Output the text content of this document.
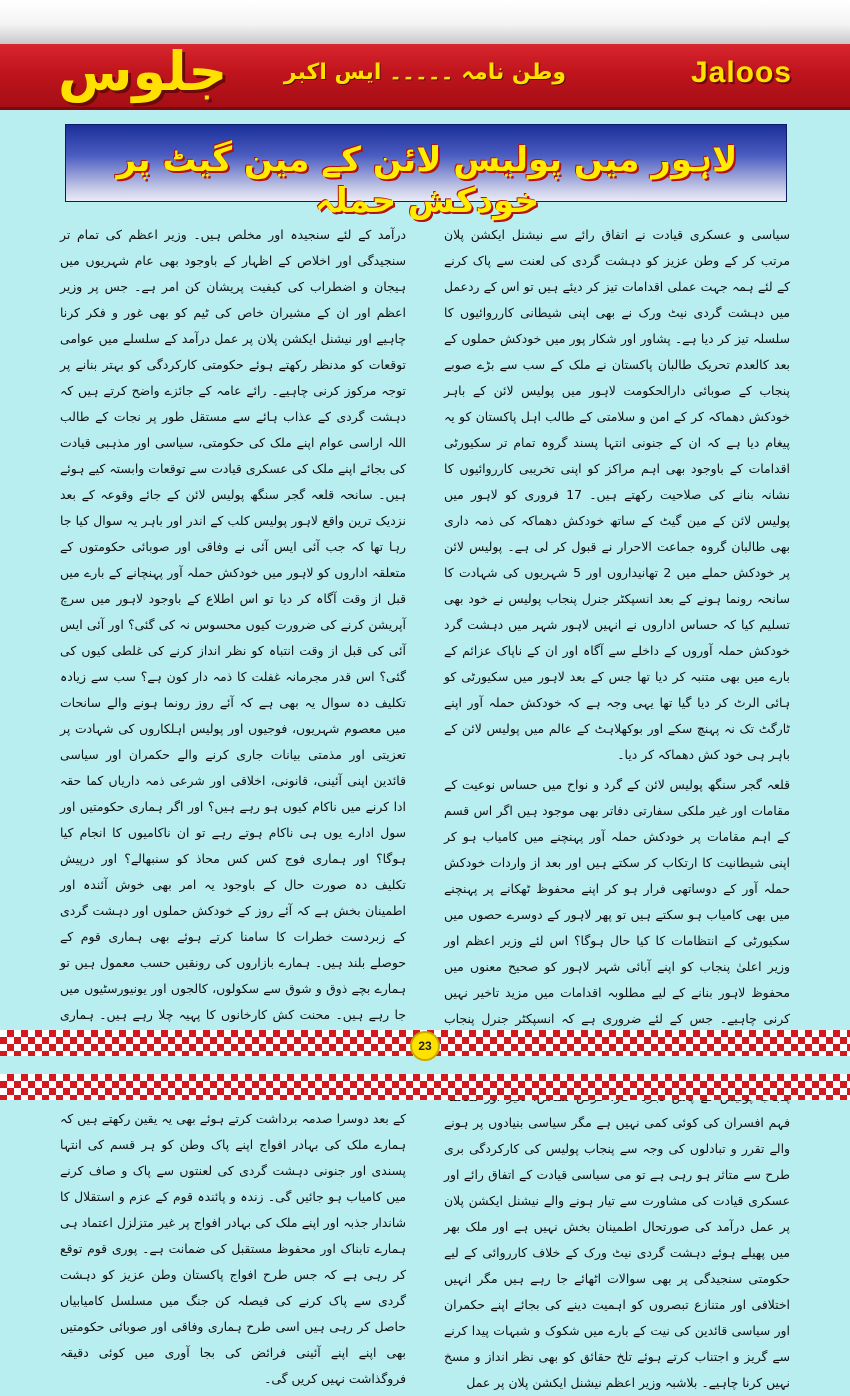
جلوس	وطن نامہ ۔۔۔۔۔ ایس اکبر	Jaloos
لاہور میں پولیس لائن کے مین گیٹ پر خودکش حملہ

سیاسی و عسکری قیادت نے اتفاق رائے سے نیشنل ایکشن پلان مرتب کر کے وطن عزیز کو دہشت گردی کی لعنت سے پاک کرنے کے لئے ہمہ جہت عملی اقدامات تیز کر دیئے ہیں تو اس کے ردعمل میں دہشت گردی نیٹ ورک نے بھی اپنی شیطانی کارروائیوں کا سلسلہ تیز کر دیا ہے۔ پشاور اور شکار پور میں خودکش حملوں کے بعد کالعدم تحریک طالبان پاکستان نے ملک کے سب سے بڑے صوبے پنجاب کے صوبائی دارالحکومت لاہور میں پولیس لائن کے باہر خودکش دھماکہ کر کے امن و سلامتی کے طالب اہل پاکستان کو یہ پیغام دیا ہے کہ ان کے جنونی انتہا پسند گروہ تمام تر سکیورٹی اقدامات کے باوجود بھی اہم مراکز کو اپنی تخریبی کارروائیوں کا نشانہ بنانے کی صلاحیت رکھتے ہیں۔ 17 فروری کو لاہور میں پولیس لائن کے مین گیٹ کے ساتھ خودکش دھماکہ کی ذمہ داری بھی طالبان گروہ جماعت الاحرار نے قبول کر لی ہے۔ پولیس لائن پر خودکش حملے میں 2 تھانیداروں اور 5 شہریوں کی شہادت کا سانحہ رونما ہونے کے بعد انسپکٹر جنرل پنجاب پولیس نے خود بھی تسلیم کیا کہ حساس اداروں نے انہیں لاہور شہر میں دہشت گرد خودکش حملہ آوروں کے داخلے سے آگاہ اور ان کے ناپاک عزائم کے بارے میں بھی متنبہ کر دیا تھا جس کے بعد لاہور میں سکیورٹی کو ہائی الرٹ کر دیا گیا تھا یہی وجہ ہے کہ خودکش حملہ آور اپنے ٹارگٹ تک نہ پہنچ سکے اور بوکھلاہٹ کے عالم میں پولیس لائن کے باہر ہی خود کش دھماکہ کر دیا۔

قلعہ گجر سنگھ پولیس لائن کے گرد و نواح میں حساس نوعیت کے مقامات اور غیر ملکی سفارتی دفاتر بھی موجود ہیں اگر اس قسم کے اہم مقامات پر خودکش حملہ آور پہنچنے میں کامیاب ہو کر اپنی شیطانیت کا ارتکاب کر سکتے ہیں اور بعد از واردات خودکش حملہ آور کے دوساتھی فرار ہو کر اپنے محفوظ ٹھکانے پر پہنچنے میں بھی کامیاب ہو سکتے ہیں تو پھر لاہور کے دوسرے حصوں میں سکیورٹی کے انتظامات کا کیا حال ہوگا؟ اس لئے وزیر اعظم اور وزیر اعلیٰ پنجاب کو اپنے آبائی شہر لاہور کو صحیح معنوں میں محفوظ لاہور بنانے کے لیے مطلوبہ اقدامات میں مزید تاخیر نہیں کرنی چاہیے۔ جس کے لئے ضروری ہے کہ انسپکٹر جنرل پنجاب فہم افسران کی کوئی کمی نہیں ہے مگر سیاسی بنیادوں پر ہونے والے تقرر و تبادلوں کی وجہ سے پنجاب پولیس کی کارکردگی بری طرح سے متاثر ہو رہی ہے تو می سیاسی قیادت کے اتفاق رائے اور عسکری قیادت کی مشاورت سے تیار ہونے والے نیشنل ایکشن پلان پر عمل درآمد کی صورتحال اطمینان بخش نہیں ہے اور ملک بھر میں پھیلے ہوئے دہشت گردی نیٹ ورک کے خلاف کارروائی کے لیے حکومتی سنجیدگی پر بھی سوالات اٹھائے جا رہے ہیں مگر انہیں اختلافی اور متنازع تبصروں کو اہمیت دینے کی بجائے اپنے حکمران اور سیاسی قائدین کی نیت کے بارے میں شکوک و شبہات پیدا کرنے سے گریز و اجتناب کرتے ہوئے تلخ حقائق کو بھی نظر انداز و مسخ نہیں کرنا چاہیے۔ بلاشبہ وزیر اعظم نیشنل ایکشن پلان پر عمل

درآمد کے لئے سنجیدہ اور مخلص ہیں۔ وزیر اعظم کی تمام تر سنجیدگی اور اخلاص کے اظہار کے باوجود بھی عام شہریوں میں ہیجان و اضطراب کی کیفیت پریشان کن امر ہے۔ جس پر وزیر اعظم اور ان کے مشیران خاص کی ٹیم کو بھی غور و فکر کرنا چاہیے اور نیشنل ایکشن پلان پر عمل درآمد کے سلسلے میں عوامی توقعات کو مدنظر رکھتے ہوئے حکومتی کارکردگی کو بہتر بنانے پر توجہ مرکوز کرنی چاہیے۔ رائے عامہ کے جائزے واضح کرتے ہیں کہ دہشت گردی کے عذاب ہائے سے مستقل طور پر نجات کے طالب اللہ اراسی عوام اپنے ملک کی حکومتی، سیاسی اور مذہبی قیادت کی بجائے اپنے ملک کی عسکری قیادت سے توقعات وابستہ کیے ہوئے ہیں۔ سانحہ قلعہ گجر سنگھ پولیس لائن کے جائے وقوعہ کے بعد نزدیک ترین واقع لاہور پولیس کلب کے اندر اور باہر یہ سوال کیا جا رہا تھا کہ جب آئی ایس آئی نے وفاقی اور صوبائی حکومتوں کے متعلقہ اداروں کو لاہور میں خودکش حملہ آور پہنچانے کے بارے میں قبل از وقت آگاہ کر دیا تو اس اطلاع کے باوجود لاہور میں سرچ آپریشن کرنے کی ضرورت کیوں محسوس نہ کی گئی؟ اور آئی ایس آئی کی قبل از وقت انتباہ کو نظر انداز کرنے کی غلطی کیوں کی گئی؟ اس قدر مجرمانہ غفلت کا ذمہ دار کون ہے؟ سب سے زیادہ تکلیف دہ سوال یہ بھی ہے کہ آئے روز رونما ہونے والے سانحات میں معصوم شہریوں، فوجیوں اور پولیس اہلکاروں کی شہادت پر تعزیتی اور مذمتی بیانات جاری کرنے والے حکمران اور سیاسی قائدین اپنی آئینی، قانونی، اخلاقی اور شرعی ذمہ داریاں کما حقہ ادا کرنے میں ناکام کیوں ہو رہے ہیں؟ اور اگر ہماری حکومتیں اور سول ادارے یوں ہی ناکام ہوتے رہے تو ان ناکامیوں کا انجام کیا ہوگا؟ اور ہماری فوج کس کس محاذ کو سنبھالے؟ اور درپیش تکلیف دہ صورت حال کے باوجود یہ امر بھی خوش آئندہ اور اطمینان بخش ہے کہ آئے روز کے خودکش حملوں اور دہشت گردی کے زبردست خطرات کا سامنا کرتے ہوئے بھی ہماری قوم کے حوصلے بلند ہیں۔ ہمارے بازاروں کی رونقیں حسب معمول ہیں تو ہمارے بچے ذوق و شوق سے سکولوں، کالجوں اور یونیورسٹیوں میں جا رہے ہیں۔ محنت کش کارخانوں کا پہیہ چلا رہے ہیں۔ ہماری کے بعد دوسرا صدمہ برداشت کرتے ہوئے بھی یہ یقین رکھتے ہیں کہ ہمارے ملک کی بہادر افواج اپنے پاک وطن کو ہر قسم کی انتہا پسندی اور جنونی دہشت گردی کی لعنتوں سے پاک و صاف کرنے میں کامیاب ہو جائیں گی۔ زندہ و پائندہ قوم کے عزم و استقلال کا شاندار جذبہ اور اپنے ملک کی بہادر افواج پر غیر متزلزل اعتماد ہی ہمارے تابناک اور محفوظ مستقبل کی ضمانت ہے۔ پوری قوم توقع کر رہی ہے کہ جس طرح افواج پاکستان وطن عزیز کو دہشت گردی سے پاک کرنے کی فیصلہ کن جنگ میں مسلسل کامیابیاں حاصل کر رہی ہیں اسی طرح ہماری وفاقی اور صوبائی حکومتیں بھی اپنے اپنے آئینی فرائض کی بجا آوری میں کوئی دقیقہ فروگذاشت نہیں کریں گی۔

23
